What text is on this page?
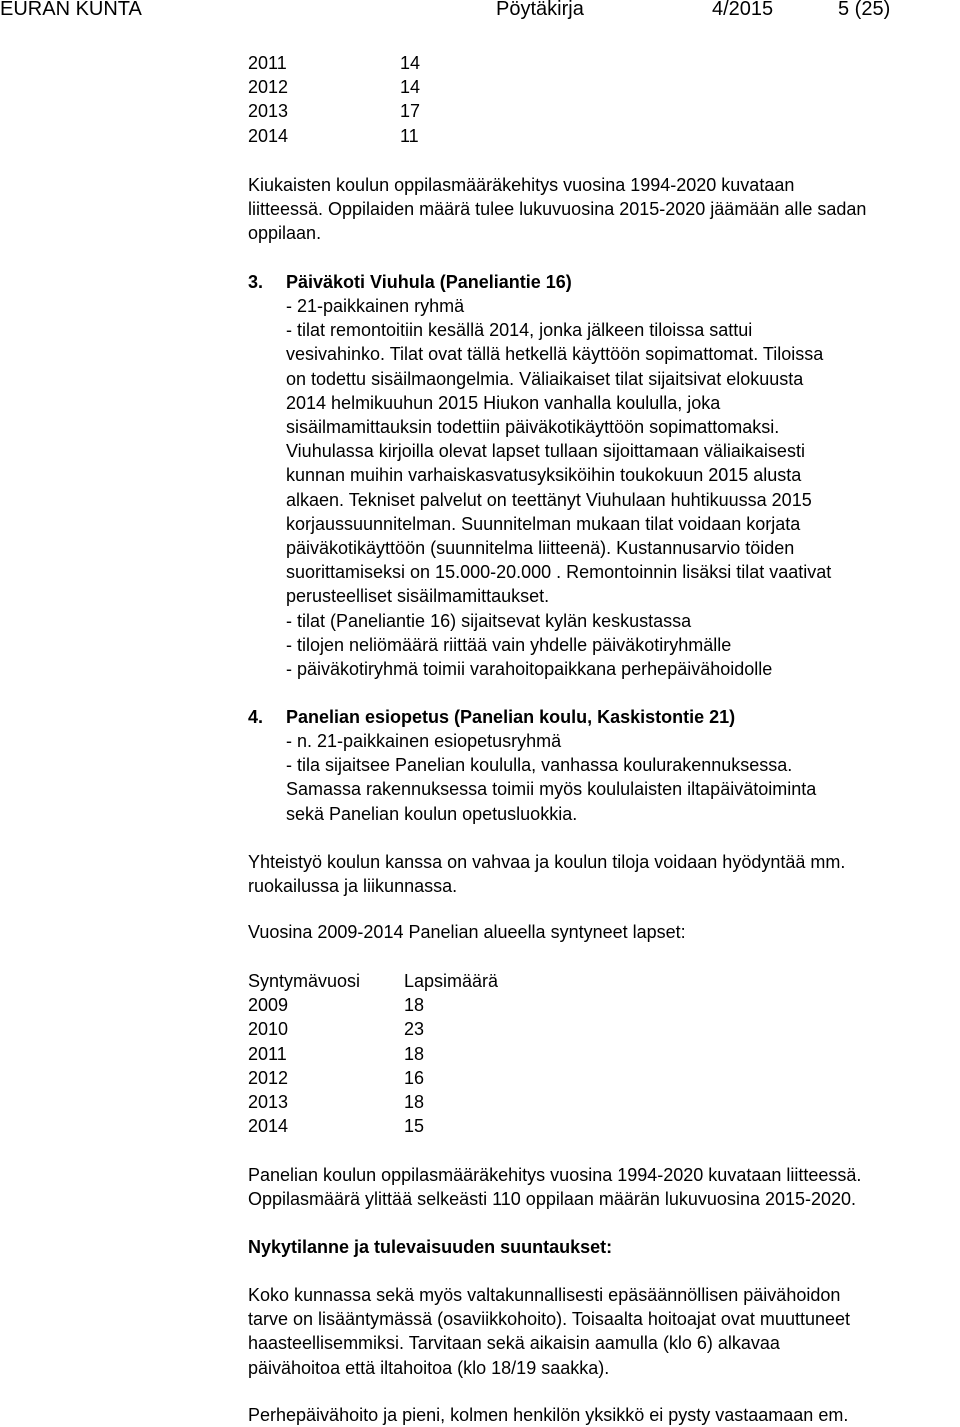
EURAN KUNTA	Pöytäkirja	4/2015	5 (25)
2011	14
2012	14
2013	17
2014	11

Kiukaisten koulun oppilasmääräkehitys vuosina 1994-2020 kuvataan

liitteessä. Oppilaiden määrä tulee lukuvuosina 2015-2020 jäämään alle sadan

oppilaan.

3. Päiväkoti Viuhula (Paneliantie 16)

- 21-paikkainen ryhmä

- tilat remontoitiin kesällä 2014, jonka jälkeen tiloissa sattui

vesivahinko. Tilat ovat tällä hetkellä käyttöön sopimattomat. Tiloissa

on todettu sisäilmaongelmia. Väliaikaiset tilat sijaitsivat elokuusta

2014 helmikuuhun 2015 Hiukon vanhalla koululla, joka

sisäilmamittauksin todettiin päiväkotikäyttöön sopimattomaksi.

Viuhulassa kirjoilla olevat lapset tullaan sijoittamaan väliaikaisesti

kunnan muihin varhaiskasvatusyksiköihin toukokuun 2015 alusta

alkaen. Tekniset palvelut on teettänyt Viuhulaan huhtikuussa 2015

korjaussuunnitelman. Suunnitelman mukaan tilat voidaan korjata

päiväkotikäyttöön (suunnitelma liitteenä). Kustannusarvio töiden

suorittamiseksi on 15.000-20.000 . Remontoinnin lisäksi tilat vaativat

perusteelliset sisäilmamittaukset.

- tilat (Paneliantie 16) sijaitsevat kylän keskustassa

- tilojen neliömäärä riittää vain yhdelle päiväkotiryhmälle

- päiväkotiryhmä toimii varahoitopaikkana perhepäivähoidolle

4. Panelian esiopetus (Panelian koulu, Kaskistontie 21)

- n. 21-paikkainen esiopetusryhmä

- tila sijaitsee Panelian koululla, vanhassa koulurakennuksessa.

Samassa rakennuksessa toimii myös koululaisten iltapäivätoiminta

sekä Panelian koulun opetusluokkia.

Yhteistyö koulun kanssa on vahvaa ja koulun tiloja voidaan hyödyntää mm.

ruokailussa ja liikunnassa.

Vuosina 2009-2014 Panelian alueella syntyneet lapset:

Syntymävuosi	Lapsimäärä
2009	18
2010	23
2011	18
2012	16
2013	18
2014	15

Panelian koulun oppilasmääräkehitys vuosina 1994-2020 kuvataan liitteessä.

Oppilasmäärä ylittää selkeästi 110 oppilaan määrän lukuvuosina 2015-2020.

Nykytilanne ja tulevaisuuden suuntaukset:

Koko kunnassa sekä myös valtakunnallisesti epäsäännöllisen päivähoidon

tarve on lisääntymässä (osaviikkohoito). Toisaalta hoitoajat ovat muuttuneet

haasteellisemmiksi. Tarvitaan sekä aikaisin aamulla (klo 6) alkavaa

päivähoitoa että iltahoitoa (klo 18/19 saakka).

Perhepäivähoito ja pieni, kolmen henkilön yksikkö ei pysty vastaamaan em.
